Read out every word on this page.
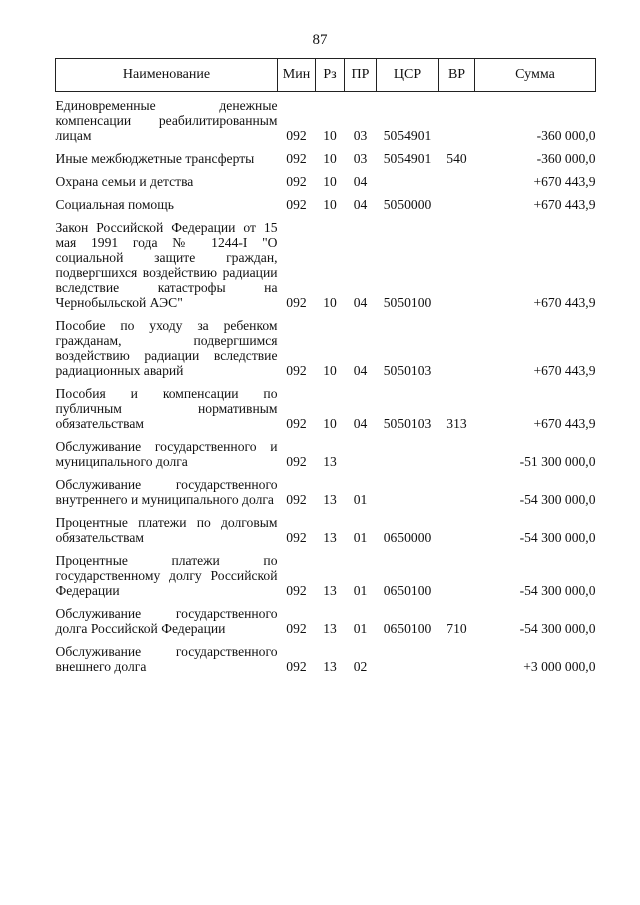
87
Наименование	Мин	Рз	ПР	ЦСР	ВР	Сумма
Единовременные денежные компенсации реабилитированным лицам	092	10	03	5054901		-360 000,0
Иные межбюджетные трансферты	092	10	03	5054901	540	-360 000,0
Охрана семьи и детства	092	10	04			+670 443,9
Социальная помощь	092	10	04	5050000		+670 443,9
Закон Российской Федерации от 15 мая 1991 года № 1244-I "О социальной защите граждан, подвергшихся воздействию радиации вследствие катастрофы на Чернобыльской АЭС"	092	10	04	5050100		+670 443,9
Пособие по уходу за ребенком гражданам, подвергшимся воздействию радиации вследствие радиационных аварий	092	10	04	5050103		+670 443,9
Пособия и компенсации по публичным нормативным обязательствам	092	10	04	5050103	313	+670 443,9
Обслуживание государственного и муниципального долга	092	13				-51 300 000,0
Обслуживание государственного внутреннего и муниципального долга	092	13	01			-54 300 000,0
Процентные платежи по долговым обязательствам	092	13	01	0650000		-54 300 000,0
Процентные платежи по государственному долгу Российской Федерации	092	13	01	0650100		-54 300 000,0
Обслуживание государственного долга Российской Федерации	092	13	01	0650100	710	-54 300 000,0
Обслуживание государственного внешнего долга	092	13	02			+3 000 000,0
